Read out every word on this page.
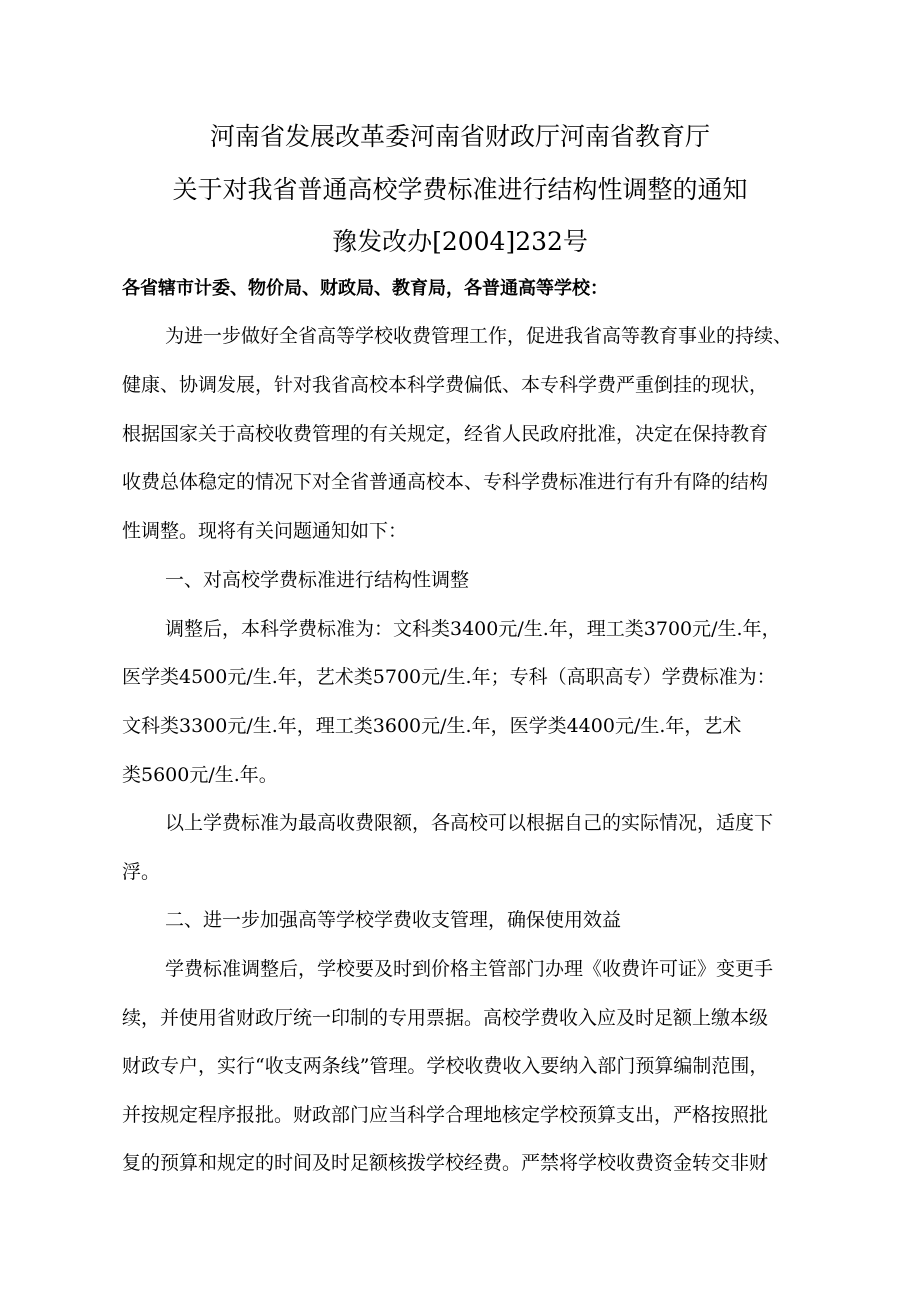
河南省发展改革委河南省财政厅河南省教育厅
关于对我省普通高校学费标准进行结构性调整的通知
豫发改办[2004]232号
各省辖市计委、物价局、财政局、教育局，各普通高等学校：
为进一步做好全省高等学校收费管理工作，促进我省高等教育事业的持续、
健康、协调发展，针对我省高校本科学费偏低、本专科学费严重倒挂的现状，
根据国家关于高校收费管理的有关规定，经省人民政府批准，决定在保持教育
收费总体稳定的情况下对全省普通高校本、专科学费标准进行有升有降的结构
性调整。现将有关问题通知如下：
一、对高校学费标准进行结构性调整
调整后，本科学费标准为：文科类3400元/生.年，理工类3700元/生.年，
医学类4500元/生.年，艺术类5700元/生.年；专科（高职高专）学费标准为：
文科类3300元/生.年，理工类3600元/生.年，医学类4400元/生.年，艺术
类5600元/生.年。
以上学费标准为最高收费限额，各高校可以根据自己的实际情况，适度下
浮。
二、进一步加强高等学校学费收支管理，确保使用效益
学费标准调整后，学校要及时到价格主管部门办理《收费许可证》变更手
续，并使用省财政厅统一印制的专用票据。高校学费收入应及时足额上缴本级
财政专户，实行“收支两条线”管理。学校收费收入要纳入部门预算编制范围，
并按规定程序报批。财政部门应当科学合理地核定学校预算支出，严格按照批
复的预算和规定的时间及时足额核拨学校经费。严禁将学校收费资金转交非财
